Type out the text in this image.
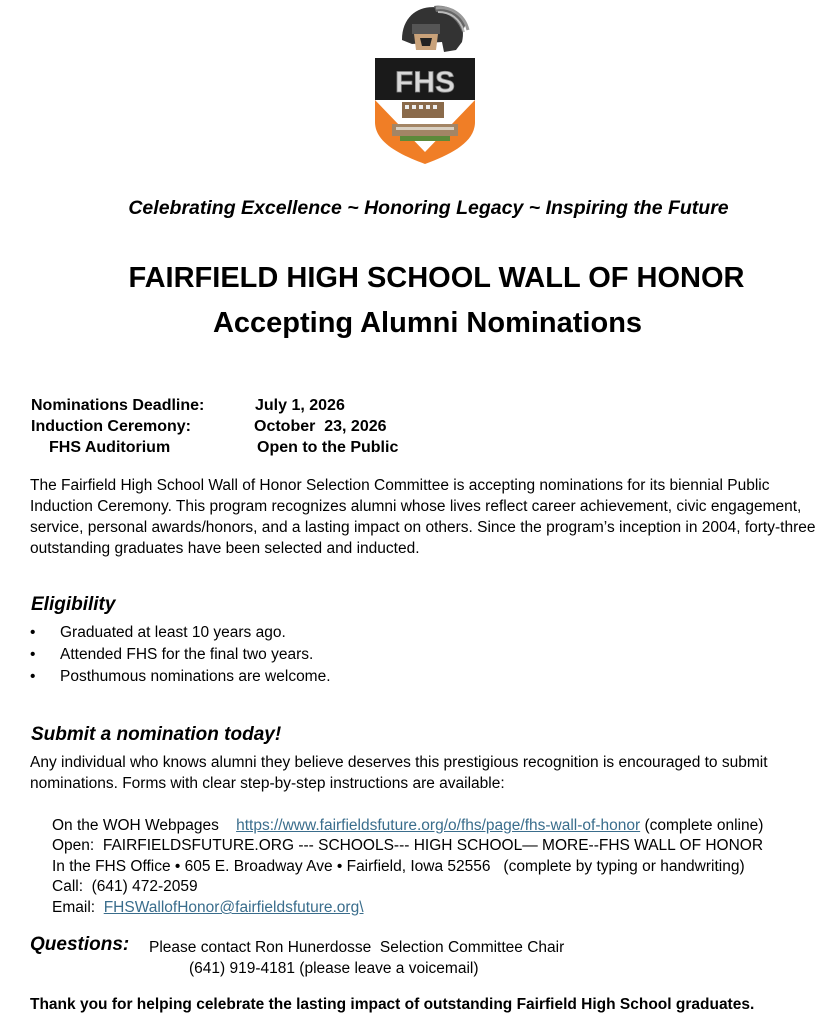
FHS
Celebrating Excellence ~ Honoring Legacy ~ Inspiring the Future
FAIRFIELD HIGH SCHOOL WALL OF HONOR
Accepting Alumni Nominations
Nominations Deadline:	July 1, 2026
Induction Ceremony:	October  23, 2026
FHS Auditorium	Open to the Public
The Fairfield High School Wall of Honor Selection Committee is accepting nominations for its biennial Public Induction Ceremony. This program recognizes alumni whose lives reflect career achievement, civic engagement, service, personal awards/honors, and a lasting impact on others. Since the program’s inception in 2004, forty-three outstanding graduates have been selected and inducted.
Eligibility
• Graduated at least 10 years ago.
• Attended FHS for the final two years.
• Posthumous nominations are welcome.
Submit a nomination today!
Any individual who knows alumni they believe deserves this prestigious recognition is encouraged to submit nominations. Forms with clear step-by-step instructions are available:
On the WOH Webpages https://www.fairfieldsfuture.org/o/fhs/page/fhs-wall-of-honor (complete online)
Open:  FAIRFIELDSFUTURE.ORG --- SCHOOLS--- HIGH SCHOOL— MORE--FHS WALL OF HONOR
In the FHS Office • 605 E. Broadway Ave • Fairfield, Iowa 52556   (complete by typing or handwriting)
Call:  (641) 472-2059
Email: FHSWallofHonor@fairfieldsfuture.org\
Questions: Please contact Ron Hunerdosse  Selection Committee Chair
(641) 919-4181 (please leave a voicemail)
Thank you for helping celebrate the lasting impact of outstanding Fairfield High School graduates.
